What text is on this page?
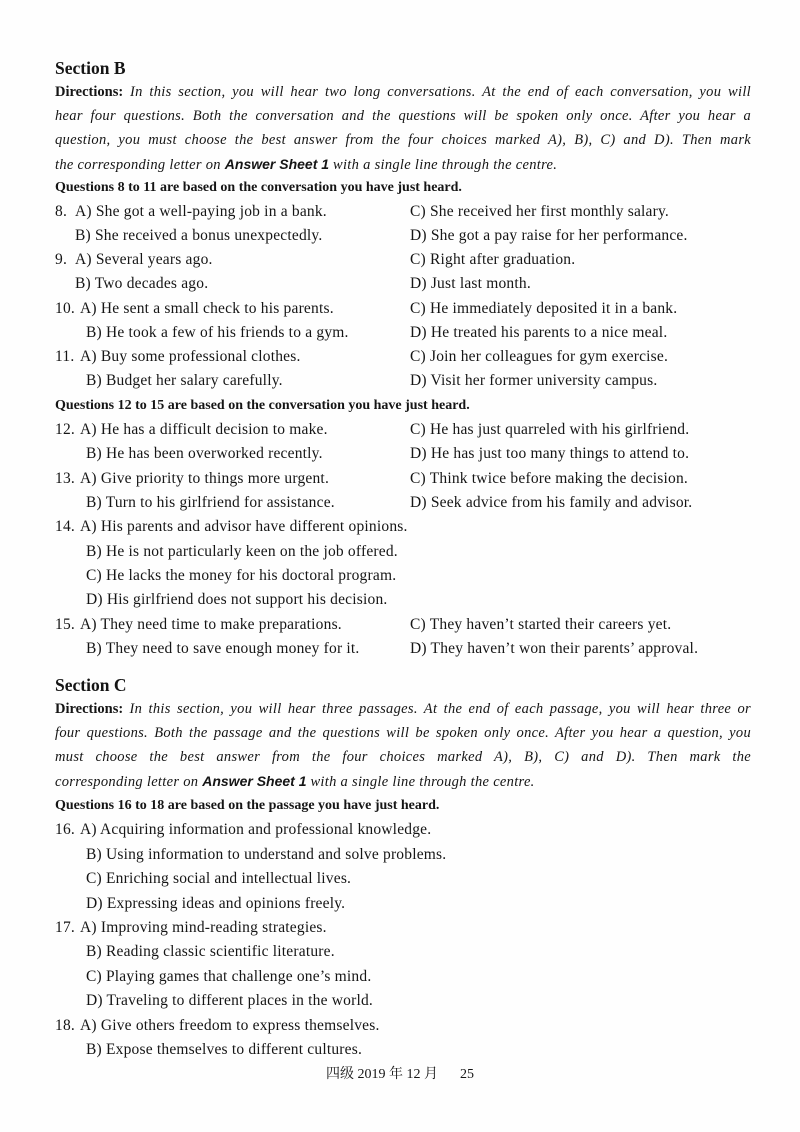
Section B
Directions: In this section, you will hear two long conversations. At the end of each conversation, you will
hear four questions. Both the conversation and the questions will be spoken only once. After you hear a
question, you must choose the best answer from the four choices marked A), B), C) and D). Then mark
the corresponding letter on Answer Sheet 1 with a single line through the centre.
Questions 8 to 11 are based on the conversation you have just heard.
8. A) She got a well-paying job in a bank.	C) She received her first monthly salary.
B) She received a bonus unexpectedly.	D) She got a pay raise for her performance.
9. A) Several years ago.	C) Right after graduation.
B) Two decades ago.	D) Just last month.
10. A) He sent a small check to his parents.	C) He immediately deposited it in a bank.
B) He took a few of his friends to a gym.	D) He treated his parents to a nice meal.
11. A) Buy some professional clothes.	C) Join her colleagues for gym exercise.
B) Budget her salary carefully.	D) Visit her former university campus.
Questions 12 to 15 are based on the conversation you have just heard.
12. A) He has a difficult decision to make.	C) He has just quarreled with his girlfriend.
B) He has been overworked recently.	D) He has just too many things to attend to.
13. A) Give priority to things more urgent.	C) Think twice before making the decision.
B) Turn to his girlfriend for assistance.	D) Seek advice from his family and advisor.
14. A) His parents and advisor have different opinions.
B) He is not particularly keen on the job offered.
C) He lacks the money for his doctoral program.
D) His girlfriend does not support his decision.
15. A) They need time to make preparations.	C) They haven’t started their careers yet.
B) They need to save enough money for it.	D) They haven’t won their parents’ approval.
Section C
Directions: In this section, you will hear three passages. At the end of each passage, you will hear three or
four questions. Both the passage and the questions will be spoken only once. After you hear a question, you
must choose the best answer from the four choices marked A), B), C) and D). Then mark the
corresponding letter on Answer Sheet 1 with a single line through the centre.
Questions 16 to 18 are based on the passage you have just heard.
16. A) Acquiring information and professional knowledge.
B) Using information to understand and solve problems.
C) Enriching social and intellectual lives.
D) Expressing ideas and opinions freely.
17. A) Improving mind-reading strategies.
B) Reading classic scientific literature.
C) Playing games that challenge one’s mind.
D) Traveling to different places in the world.
18. A) Give others freedom to express themselves.
B) Expose themselves to different cultures.
四级 2019 年 12 月 25
